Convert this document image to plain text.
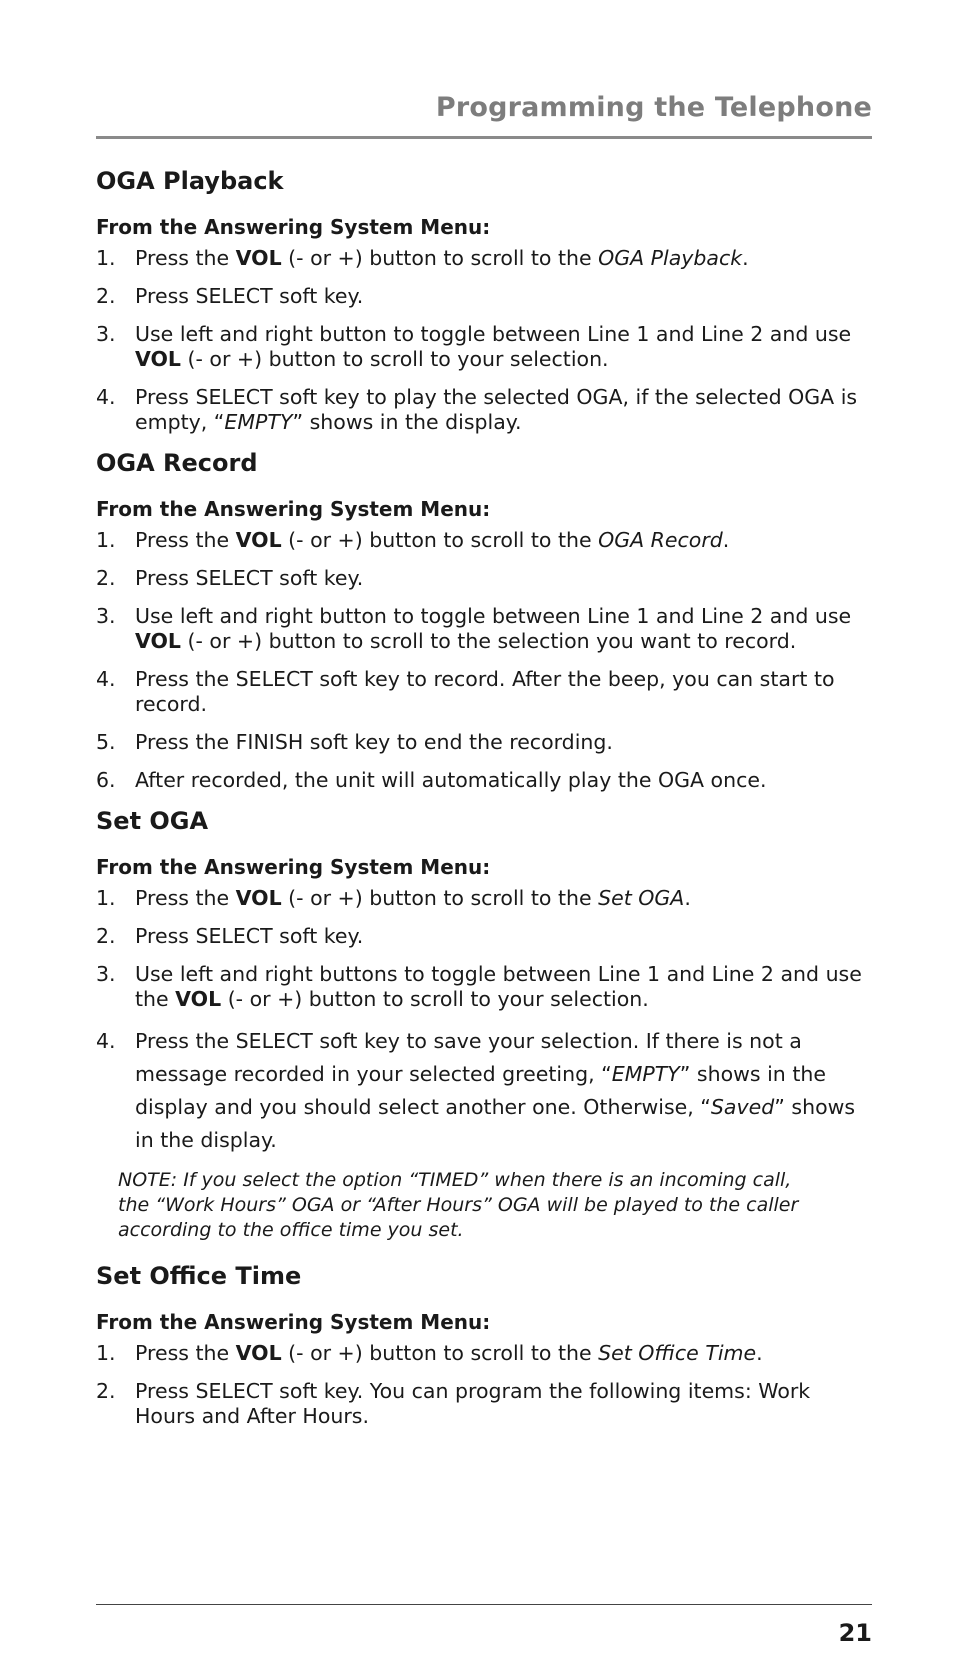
Programming the Telephone
OGA Playback
From the Answering System Menu:
1. Press the VOL (- or +) button to scroll to the OGA Playback.
2. Press SELECT soft key.
3. Use left and right button to toggle between Line 1 and Line 2 and use
VOL (- or +) button to scroll to your selection.
4. Press SELECT soft key to play the selected OGA, if the selected OGA is empty, “EMPTY” shows in the display.
OGA Record
From the Answering System Menu:
1. Press the VOL (- or +) button to scroll to the OGA Record.
2. Press SELECT soft key.
3. Use left and right button to toggle between Line 1 and Line 2 and use
VOL (- or +) button to scroll to the selection you want to record.
4. Press the SELECT soft key to record. After the beep, you can start to record.
5. Press the FINISH soft key to end the recording.
6. After recorded, the unit will automatically play the OGA once.
Set OGA
From the Answering System Menu:
1. Press the VOL (- or +) button to scroll to the Set OGA.
2. Press SELECT soft key.
3. Use left and right buttons to toggle between Line 1 and Line 2 and use the VOL (- or +) button to scroll to your selection.
4. Press the SELECT soft key to save your selection. If there is not a message recorded in your selected greeting, “EMPTY” shows in the display and you should select another one. Otherwise, “Saved” shows in the display.
NOTE: If you select the option “TIMED” when there is an incoming call, the “Work Hours” OGA or “After Hours” OGA will be played to the caller according to the office time you set.
Set Office Time
From the Answering System Menu:
1. Press the VOL (- or +) button to scroll to the Set Office Time.
2. Press SELECT soft key. You can program the following items: Work Hours and After Hours.
21
